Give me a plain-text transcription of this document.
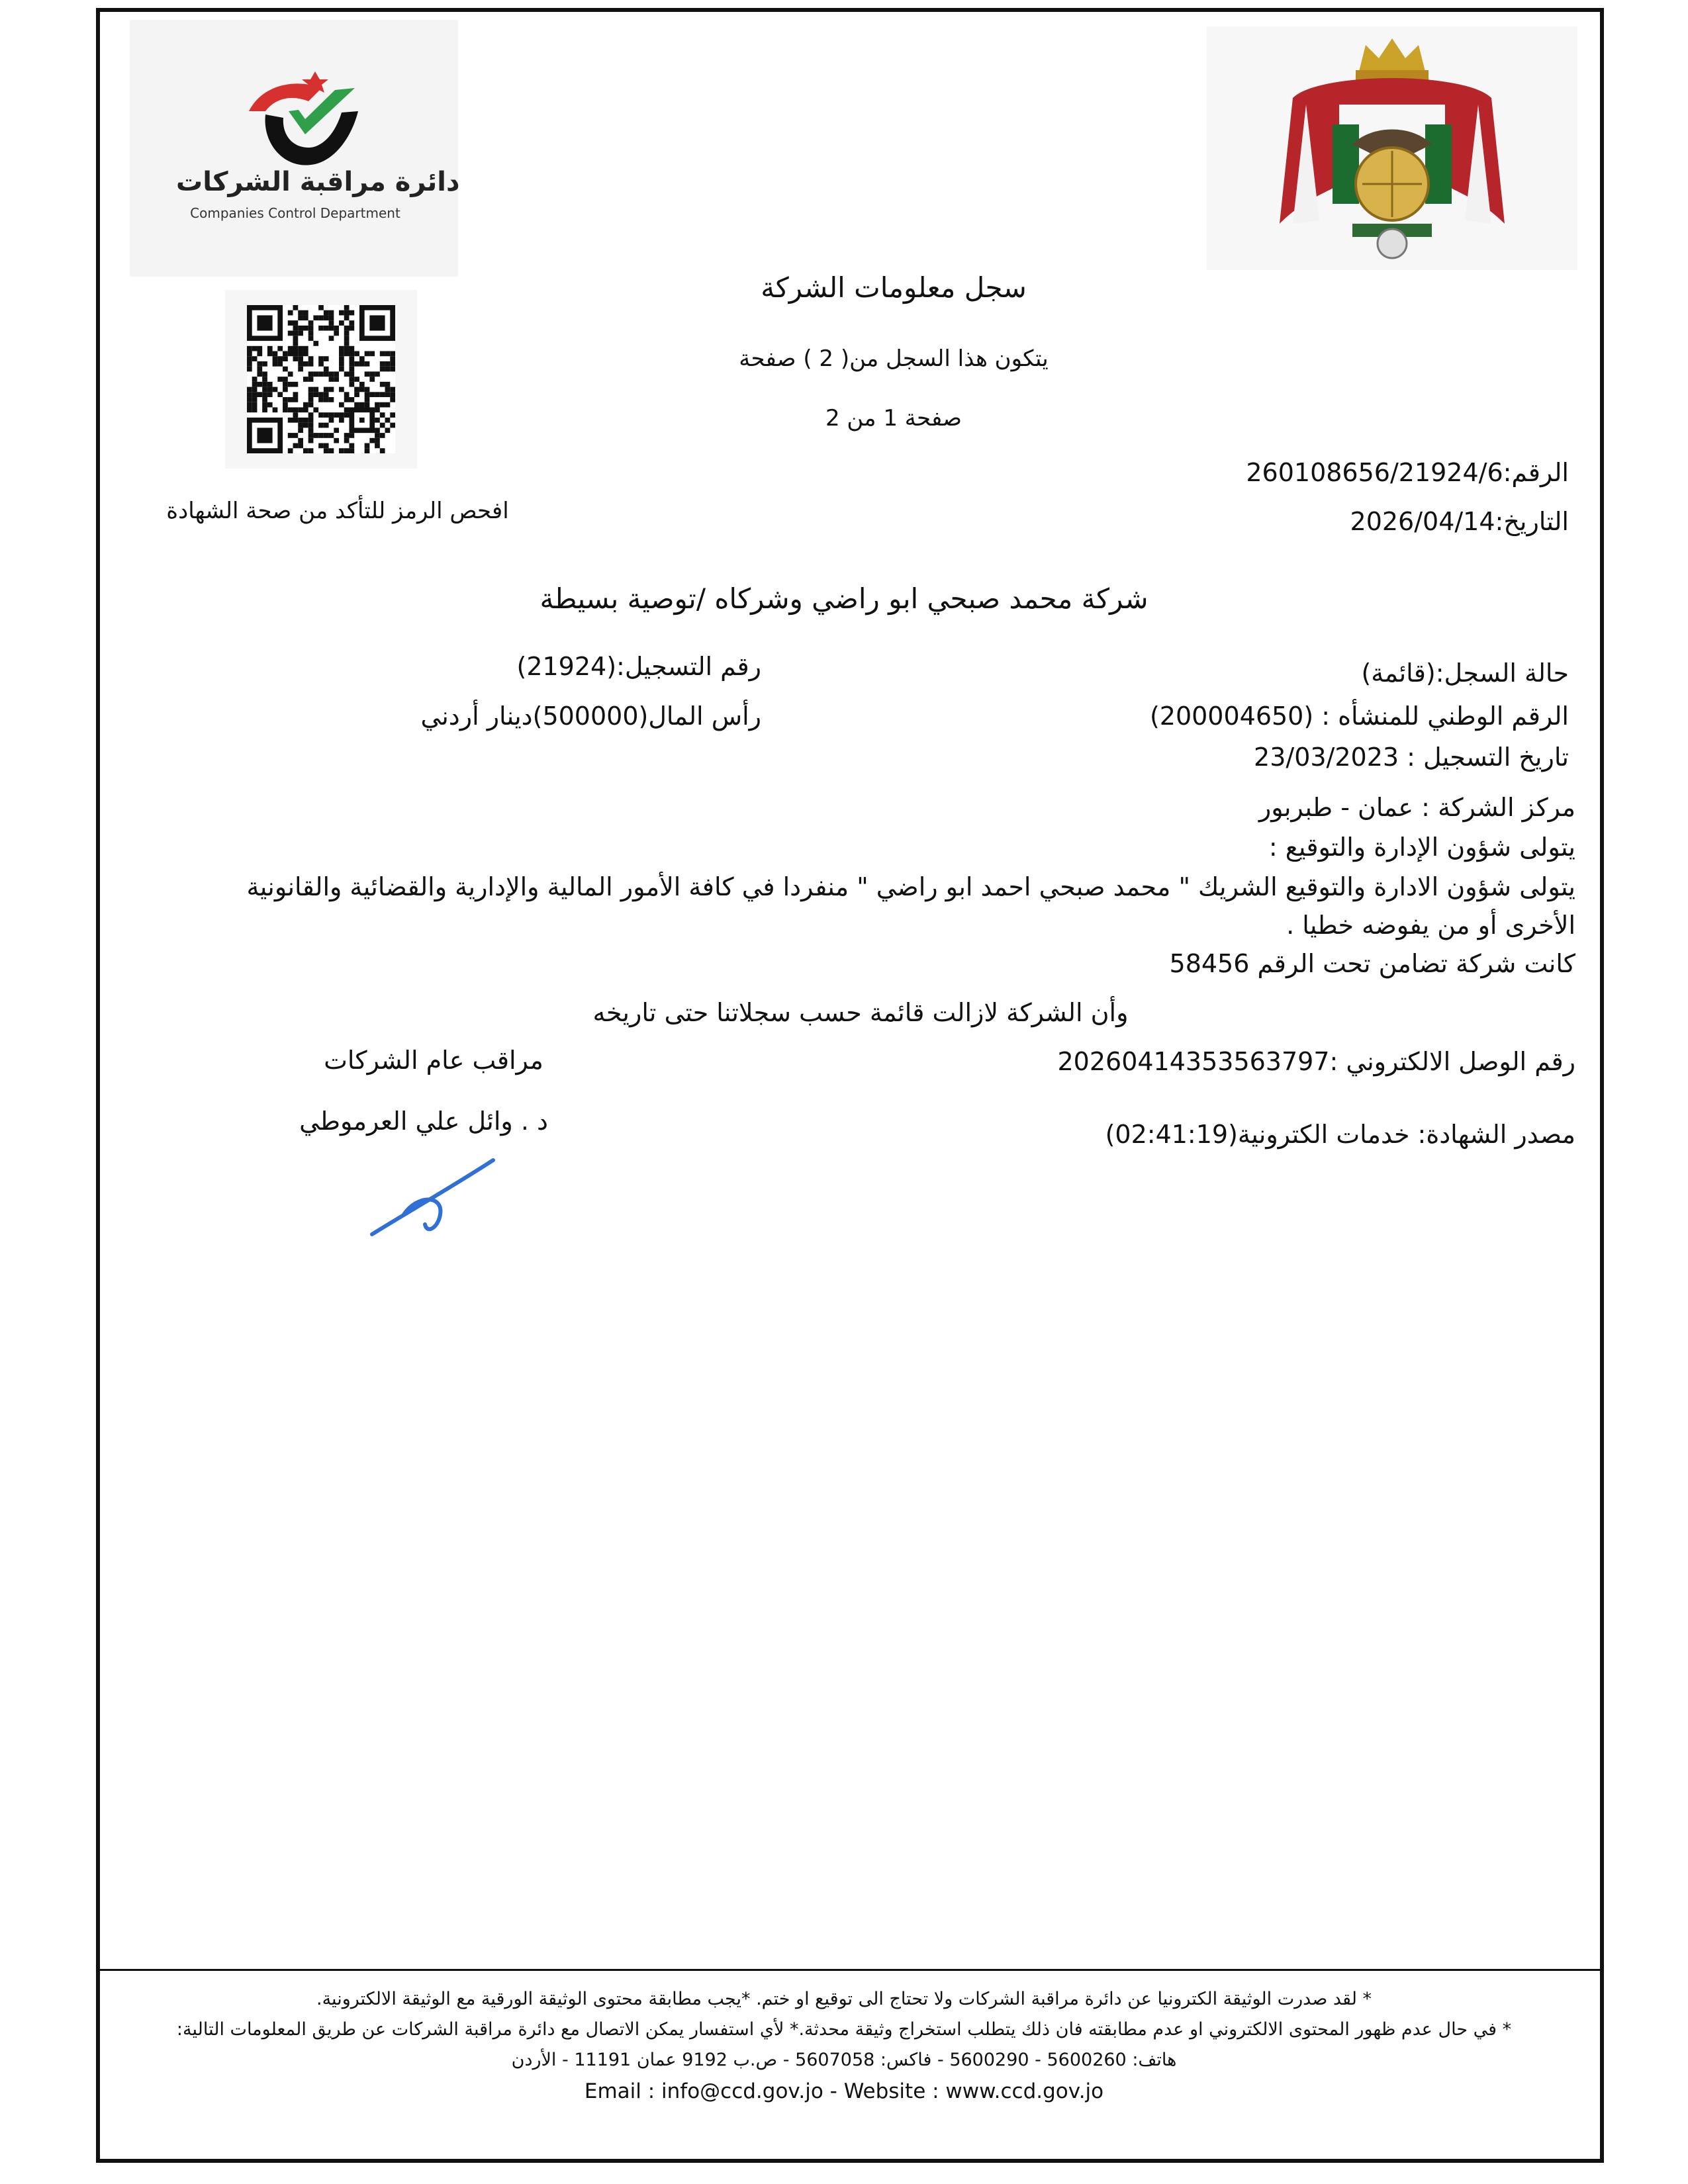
دائرة مراقبة الشركات
Companies Control Department
افحص الرمز للتأكد من صحة الشهادة
سجل معلومات الشركة
يتكون هذا السجل من( 2 ) صفحة
صفحة 1 من 2
الرقم:260108656/21924/6
التاريخ:2026/04/14
شركة محمد صبحي ابو راضي وشركاه /توصية بسيطة
رقم التسجيل:(21924)	حالة السجل:(قائمة)
رأس المال(500000)دينار أردني	الرقم الوطني للمنشأه : (200004650)
تاريخ التسجيل : 23/03/2023
مركز الشركة : عمان - طبربور
يتولى شؤون الإدارة والتوقيع :
يتولى شؤون الادارة والتوقيع الشريك " محمد صبحي احمد ابو راضي " منفردا في كافة الأمور المالية والإدارية والقضائية والقانونية
الأخرى أو من يفوضه خطيا .
كانت شركة تضامن تحت الرقم 58456
وأن الشركة لازالت قائمة حسب سجلاتنا حتى تاريخه
رقم الوصل الالكتروني :20260414353563797
مصدر الشهادة: خدمات الكترونية(02:41:19)
مراقب عام الشركات
د . وائل علي العرموطي
* لقد صدرت الوثيقة الكترونيا عن دائرة مراقبة الشركات ولا تحتاج الى توقيع او ختم. *يجب مطابقة محتوى الوثيقة الورقية مع الوثيقة الالكترونية.
* في حال عدم ظهور المحتوى الالكتروني او عدم مطابقته فان ذلك يتطلب استخراج وثيقة محدثة.* لأي استفسار يمكن الاتصال مع دائرة مراقبة الشركات عن طريق المعلومات التالية:
هاتف: 5600260 - 5600290 - فاكس: 5607058 - ص.ب 9192 عمان 11191 - الأردن
Email : info@ccd.gov.jo - Website : www.ccd.gov.jo
